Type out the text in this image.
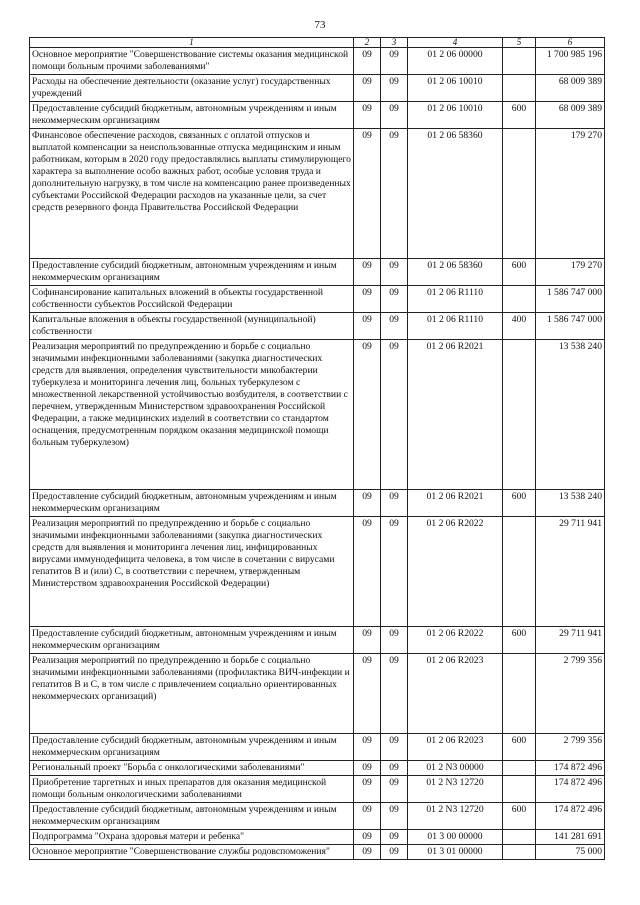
73
1	2	3	4	5	6
Основное мероприятие "Совершенствование системы оказания медицинской помощи больным прочими заболеваниями"	09	09	01 2 06 00000		1 700 985 196
Расходы на обеспечение деятельности (оказание услуг) государственных учреждений	09	09	01 2 06 10010		68 009 389
Предоставление субсидий бюджетным, автономным учреждениям и иным некоммерческим организациям	09	09	01 2 06 10010	600	68 009 389
Финансовое обеспечение расходов, связанных с оплатой отпусков и выплатой компенсации за неиспользованные отпуска медицинским и иным работникам, которым в 2020 году предоставлялись выплаты стимулирующего характера за выполнение особо важных работ, особые условия труда и дополнительную нагрузку, в том числе на компенсацию ранее произведенных субъектами Российской Федерации расходов на указанные цели, за счет средств резервного фонда Правительства Российской Федерации	09	09	01 2 06 58360		179 270
Предоставление субсидий бюджетным, автономным учреждениям и иным некоммерческим организациям	09	09	01 2 06 58360	600	179 270
Софинансирование капитальных вложений в объекты государственной собственности субъектов Российской Федерации	09	09	01 2 06 R1110		1 586 747 000
Капитальные вложения в объекты государственной (муниципальной) собственности	09	09	01 2 06 R1110	400	1 586 747 000
Реализация мероприятий по предупреждению и борьбе с социально значимыми инфекционными заболеваниями (закупка диагностических средств для выявления, определения чувствительности микобактерии туберкулеза и мониторинга лечения лиц, больных туберкулезом с множественной лекарственной устойчивостью возбудителя, в соответствии с перечнем, утвержденным Министерством здравоохранения Российской Федерации, а также медицинских изделий в соответствии со стандартом оснащения, предусмотренным порядком оказания медицинской помощи больным туберкулезом)	09	09	01 2 06 R2021		13 538 240
Предоставление субсидий бюджетным, автономным учреждениям и иным некоммерческим организациям	09	09	01 2 06 R2021	600	13 538 240
Реализация мероприятий по предупреждению и борьбе с социально значимыми инфекционными заболеваниями (закупка диагностических средств для выявления и мониторинга лечения лиц, инфицированных вирусами иммунодефицита человека, в том числе в сочетании с вирусами гепатитов B и (или) C, в соответствии с перечнем, утвержденным Министерством здравоохранения Российской Федерации)	09	09	01 2 06 R2022		29 711 941
Предоставление субсидий бюджетным, автономным учреждениям и иным некоммерческим организациям	09	09	01 2 06 R2022	600	29 711 941
Реализация мероприятий по предупреждению и борьбе с социально значимыми инфекционными заболеваниями (профилактика ВИЧ-инфекции и гепатитов B и C, в том числе с привлечением социально ориентированных некоммерческих организаций)	09	09	01 2 06 R2023		2 799 356
Предоставление субсидий бюджетным, автономным учреждениям и иным некоммерческим организациям	09	09	01 2 06 R2023	600	2 799 356
Региональный проект "Борьба с онкологическими заболеваниями"	09	09	01 2 N3 00000		174 872 496
Приобретение таргетных и иных препаратов для оказания медицинской помощи больным онкологическими заболеваниями	09	09	01 2 N3 12720		174 872 496
Предоставление субсидий бюджетным, автономным учреждениям и иным некоммерческим организациям	09	09	01 2 N3 12720	600	174 872 496
Подпрограмма "Охрана здоровья матери и ребенка"	09	09	01 3 00 00000		141 281 691
Основное мероприятие "Совершенствование службы родовспоможения"	09	09	01 3 01 00000		75 000
